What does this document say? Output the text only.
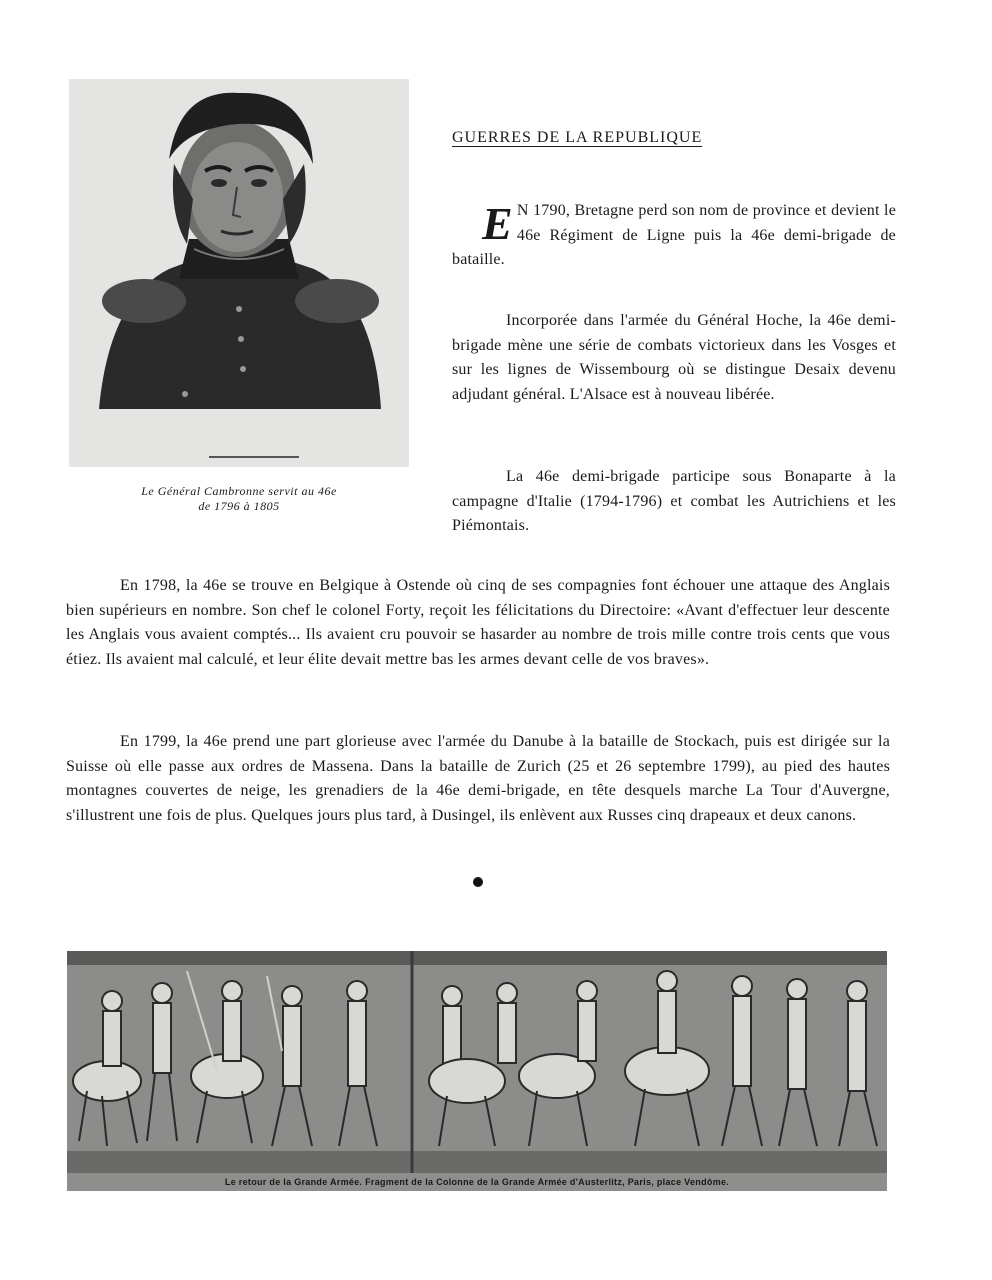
Le Général Cambronne servit au 46e
de 1796 à 1805
GUERRES DE LA REPUBLIQUE

E N 1790, Bretagne perd son nom de province et devient le 46e Régiment de Ligne puis la 46e demi-brigade de bataille.

Incorporée dans l'armée du Général Hoche, la 46e demi-brigade mène une série de combats victorieux dans les Vosges et sur les lignes de Wissembourg où se distingue Desaix devenu adjudant général. L'Alsace est à nouveau libérée.

La 46e demi-brigade participe sous Bonaparte à la campagne d'Italie (1794-1796) et combat les Autrichiens et les Piémontais.

En 1798, la 46e se trouve en Belgique à Ostende où cinq de ses compagnies font échouer une attaque des Anglais bien supérieurs en nombre. Son chef le colonel Forty, reçoit les félicitations du Directoire: «Avant d'effectuer leur descente les Anglais vous avaient comptés... Ils avaient cru pouvoir se hasarder au nombre de trois mille contre trois cents que vous étiez. Ils avaient mal calculé, et leur élite devait mettre bas les armes devant celle de vos braves».

En 1799, la 46e prend une part glorieuse avec l'armée du Danube à la bataille de Stockach, puis est dirigée sur la Suisse où elle passe aux ordres de Massena. Dans la bataille de Zurich (25 et 26 septembre 1799), au pied des hautes montagnes couvertes de neige, les grenadiers de la 46e demi-brigade, en tête desquels marche La Tour d'Auvergne, s'illustrent une fois de plus. Quelques jours plus tard, à Dusingel, ils enlèvent aux Russes cinq drapeaux et deux canons.

Le retour de la Grande Armée. Fragment de la Colonne de la Grande Armée d'Austerlitz, Paris, place Vendôme.
